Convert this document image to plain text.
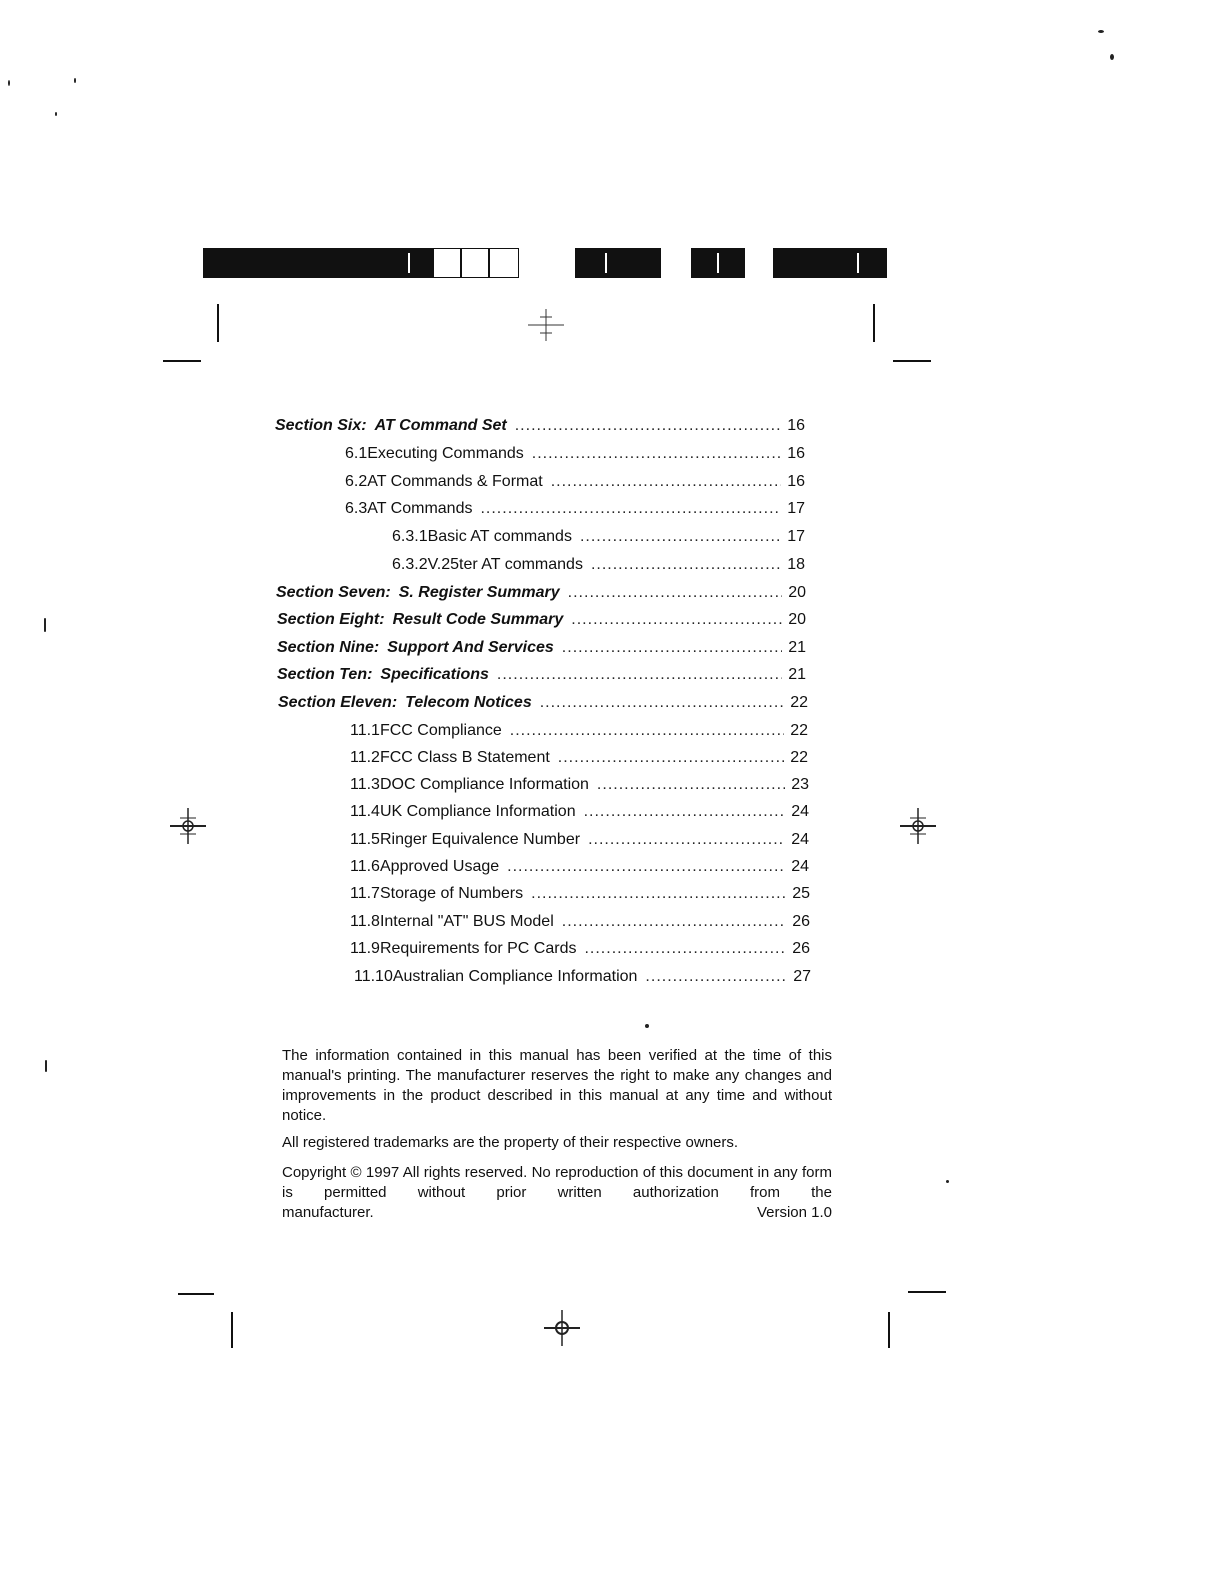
Section Six: AT Command Set .....	16
6.1 Executing Commands .....	16
6.2 AT Commands & Format .....	16
6.3 AT Commands .....	17
6.3.1 Basic AT commands .....	17
6.3.2 V.25ter AT commands .....	18
Section Seven: S. Register Summary .....	20
Section Eight: Result Code Summary .....	20
Section Nine: Support And Services .....	21
Section Ten: Specifications .....	21
Section Eleven: Telecom Notices .....	22
11.1 FCC Compliance .....	22
11.2 FCC Class B Statement .....	22
11.3 DOC Compliance Information .....	23
11.4 UK Compliance Information .....	24
11.5 Ringer Equivalence Number .....	24
11.6 Approved Usage .....	24
11.7 Storage of Numbers .....	25
11.8 Internal "AT" BUS Model .....	26
11.9 Requirements for PC Cards .....	26
11.10 Australian Compliance Information .....	27
The information contained in this manual has been verified at the time of this manual's printing. The manufacturer reserves the right to make any changes and improvements in the product described in this manual at any time and without notice.
All registered trademarks are the property of their respective owners.
Copyright © 1997 All rights reserved. No reproduction of this document in any form is permitted without prior written authorization from the
manufacturer.	Version 1.0
